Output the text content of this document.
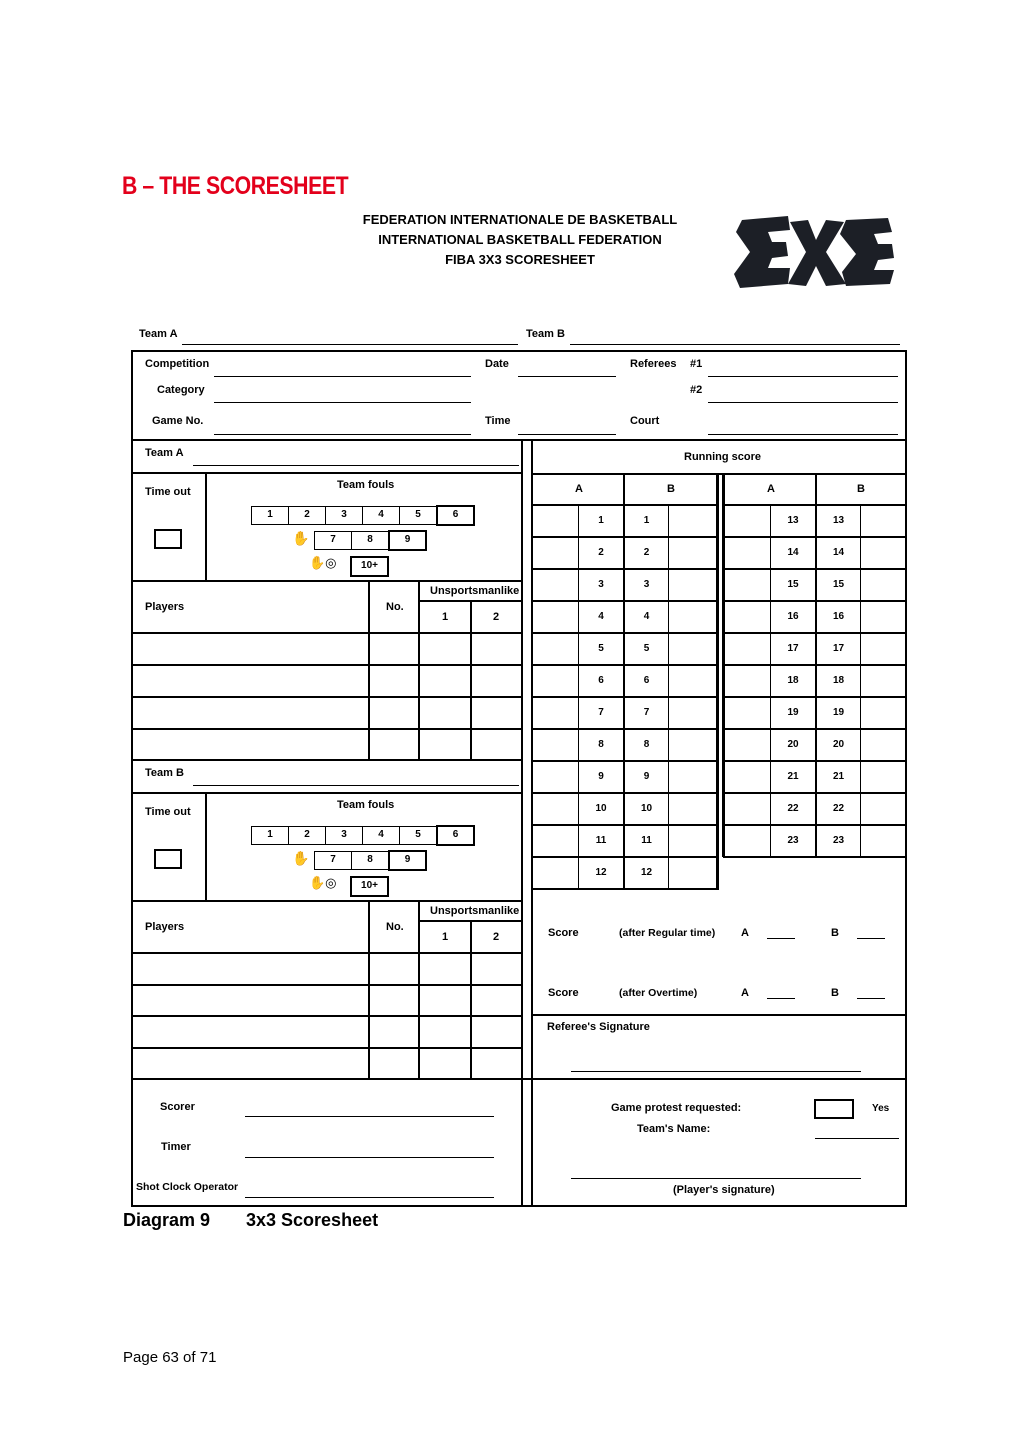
B – THE SCORESHEET
FEDERATION INTERNATIONALE DE BASKETBALL
INTERNATIONAL BASKETBALL FEDERATION
FIBA 3X3 SCORESHEET
Team A	Team B
Competition
Category
Game No.
Date
Time
Referees #1
#2
Court
Team A
Time out
Team fouls
1	2	3	4	5	6
✋	7	8	9
✋◎	10+
Players	No.
Unsportsmanlike
1	2
Team B
Time out
Team fouls
1	2	3	4	5	6
✋	7	8	9
✋◎	10+
Players	No.
Unsportsmanlike
1	2
Running score
A	B	A	B
1	1
2	2
3	3
4	4
5	5
6	6
7	7
8	8
9	9
10	10
11	11
12	12
13	13
14	14
15	15
16	16
17	17
18	18
19	19
20	20
21	21
22	22
23	23
Score	(after Regular time) A	B
Score	(after Overtime)	A	B
Referee's Signature
Scorer
Timer
Shot Clock Operator
Game protest requested:	Yes
Team's Name:
(Player's signature)
Diagram 9 3x3 Scoresheet
Page 63 of 71
